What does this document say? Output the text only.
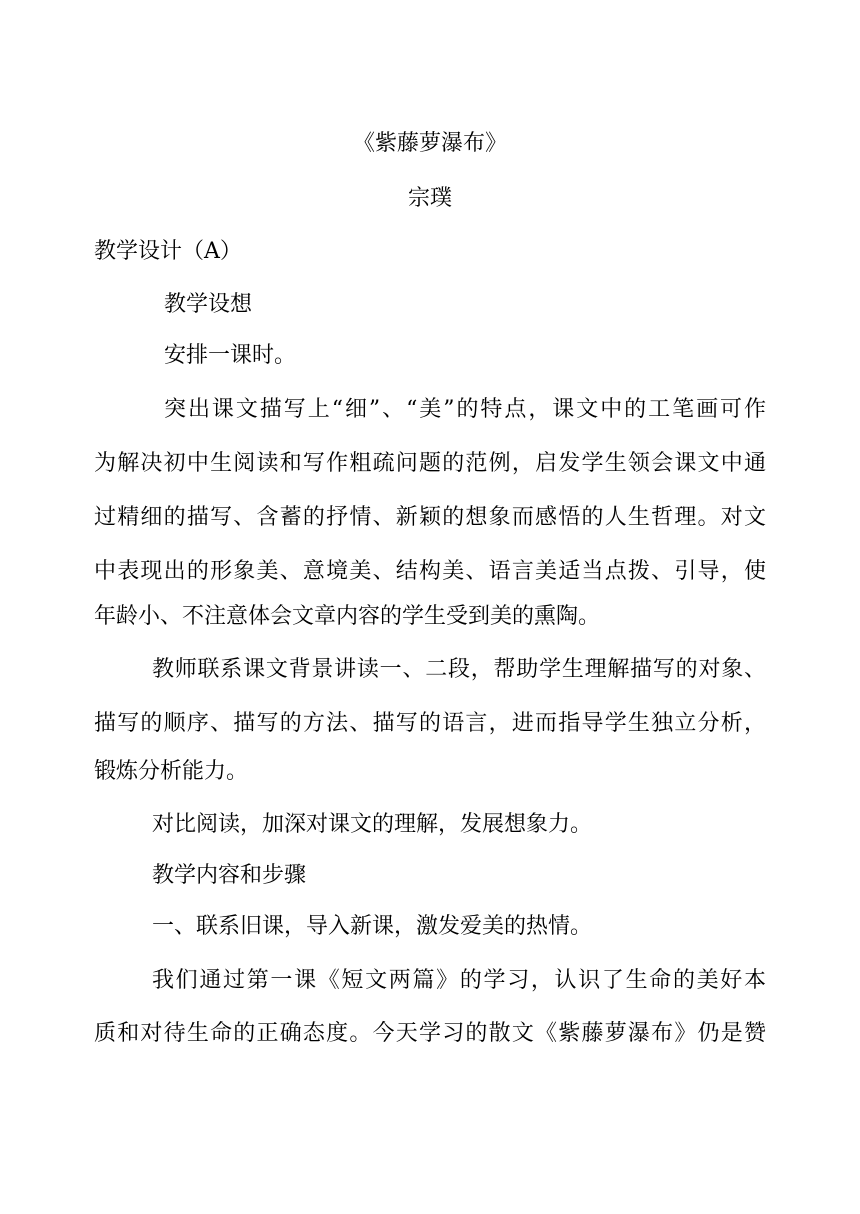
《紫藤萝瀑布》
宗璞
教学设计（A）
教学设想
安排一课时。
突出课文描写上“细”、“美”的特点，课文中的工笔画可作
为解决初中生阅读和写作粗疏问题的范例，启发学生领会课文中通
过精细的描写、含蓄的抒情、新颖的想象而感悟的人生哲理。对文
中表现出的形象美、意境美、结构美、语言美适当点拨、引导，使
年龄小、不注意体会文章内容的学生受到美的熏陶。
教师联系课文背景讲读一、二段，帮助学生理解描写的对象、
描写的顺序、描写的方法、描写的语言，进而指导学生独立分析，
锻炼分析能力。
对比阅读，加深对课文的理解，发展想象力。
教学内容和步骤
一、联系旧课，导入新课，激发爱美的热情。
我们通过第一课《短文两篇》的学习，认识了生命的美好本
质和对待生命的正确态度。今天学习的散文《紫藤萝瀑布》仍是赞
